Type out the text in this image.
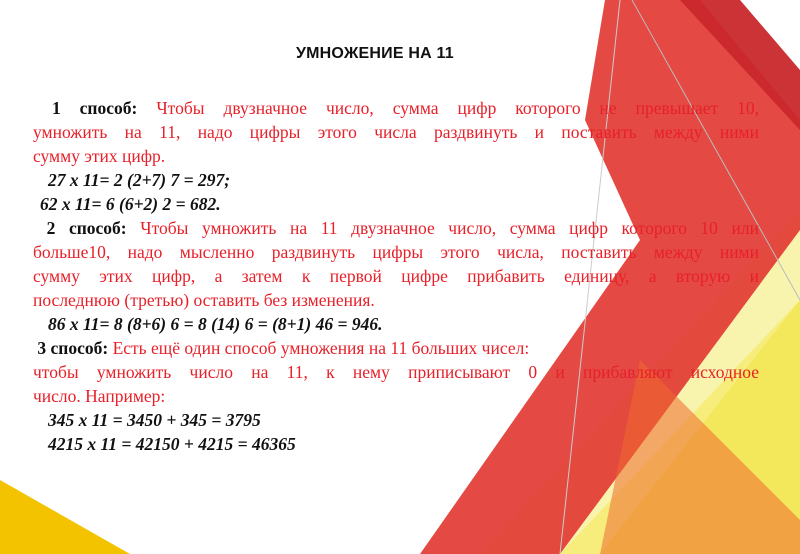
УМНОЖЕНИЕ НА 11

1 способ: Чтобы двузначное число, сумма цифр которого не превышает 10,

умножить на 11, надо цифры этого числа раздвинуть и поставить между ними

сумму этих цифр.

27 х 11= 2 (2+7) 7 = 297;

62 х 11= 6 (6+2) 2 = 682.

2 способ: Чтобы умножить на 11 двузначное число, сумма цифр которого 10 или

больше10, надо мысленно раздвинуть цифры этого числа, поставить между ними

сумму этих цифр, а затем к первой цифре прибавить единицу, а вторую и

последнюю (третью) оставить без изменения.

86 х 11= 8 (8+6) 6 = 8 (14) 6 = (8+1) 46 = 946.

3 способ: Есть ещё один способ умножения на 11 больших чисел:

чтобы умножить число на 11, к нему приписывают 0 и прибавляют исходное

число. Например:

345 х 11 = 3450 + 345 = 3795

4215 х 11 = 42150 + 4215 = 46365
